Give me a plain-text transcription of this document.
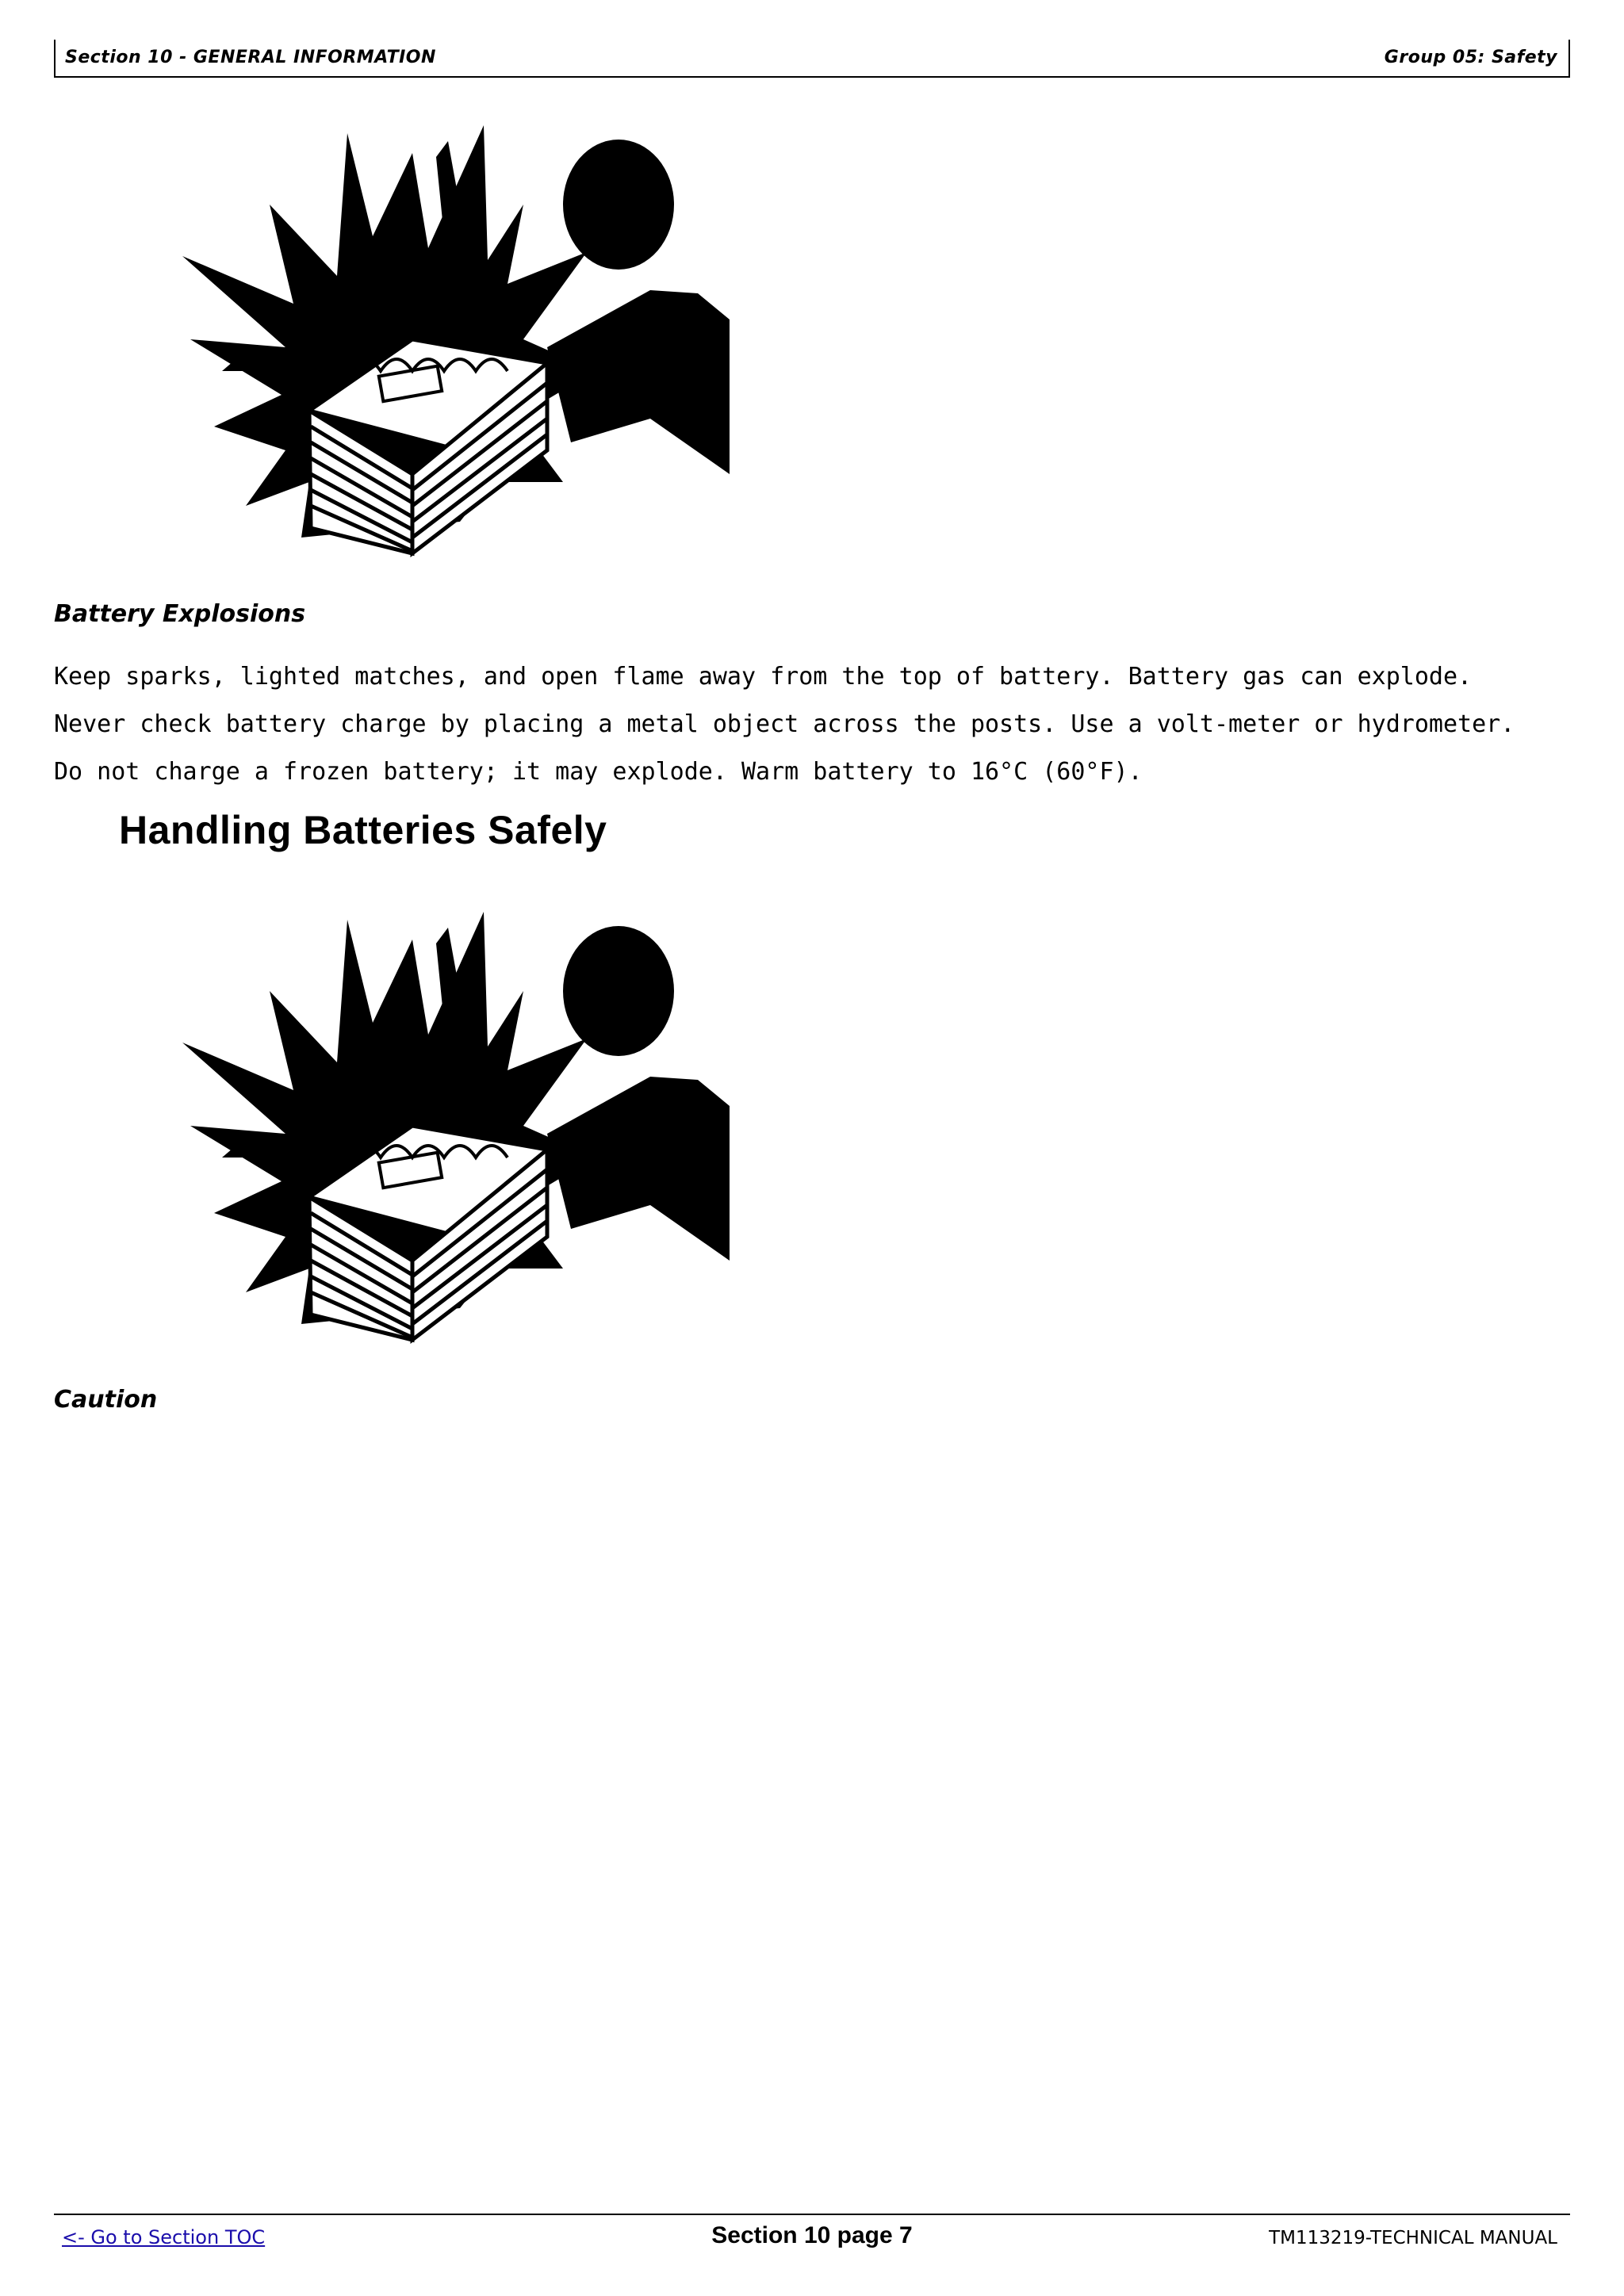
Section 10 - GENERAL INFORMATION	Group 05: Safety
Battery Explosions
Keep sparks, lighted matches, and open flame away from the top of battery. Battery gas can explode.
Never check battery charge by placing a metal object across the posts. Use a volt-meter or hydrometer.
Do not charge a frozen battery; it may explode. Warm battery to 16°C (60°F).
Handling Batteries Safely
Caution
<- Go to Section TOC	Section 10 page 7	TM113219-TECHNICAL MANUAL
